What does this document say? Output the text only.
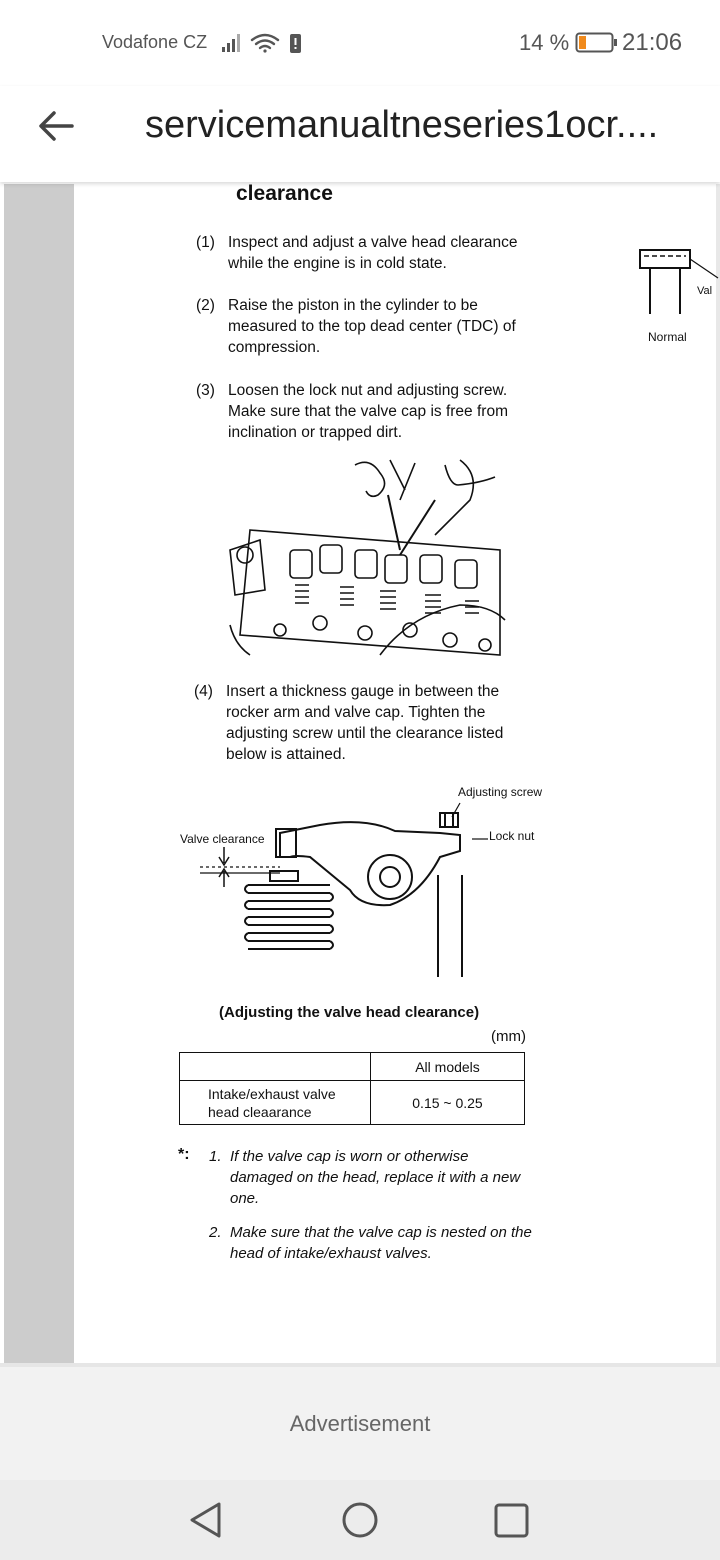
Vodafone CZ	14 % 21:06
servicemanualtneseries1ocr....
clearance
(1) Inspect and adjust a valve head clearance while the engine is in cold state.
(2) Raise the piston in the cylinder to be measured to the top dead center (TDC) of compression.
(3) Loosen the lock nut and adjusting screw. Make sure that the valve cap is free from inclination or trapped dirt.
Val
Normal
(4) Insert a thickness gauge in between the rocker arm and valve cap. Tighten the adjusting screw until the clearance listed below is attained.
Adjusting screw
Lock nut
Valve clearance
(Adjusting the valve head clearance)
(mm)
	All models
Intake/exhaust valve head cleaarance	0.15 ~ 0.25
*: 1. If the valve cap is worn or otherwise damaged on the head, replace it with a new one.
2. Make sure that the valve cap is nested on the head of intake/exhaust valves.
Advertisement
